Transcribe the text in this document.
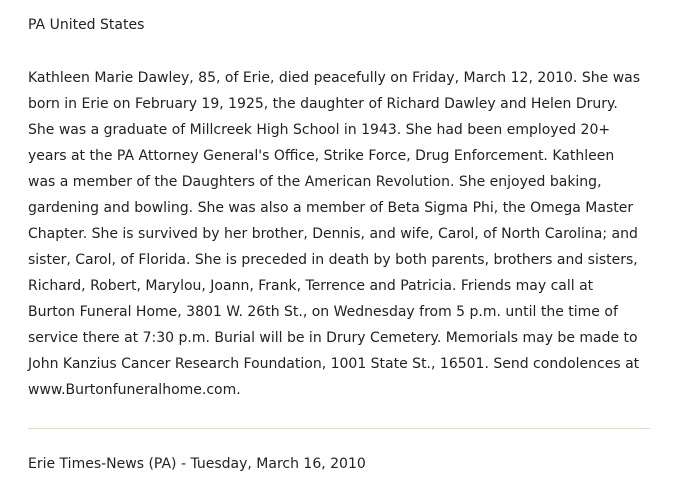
PA United States

Kathleen Marie Dawley, 85, of Erie, died peacefully on Friday, March 12, 2010. She was
born in Erie on February 19, 1925, the daughter of Richard Dawley and Helen Drury.
She was a graduate of Millcreek High School in 1943. She had been employed 20+
years at the PA Attorney General's Office, Strike Force, Drug Enforcement. Kathleen
was a member of the Daughters of the American Revolution. She enjoyed baking,
gardening and bowling. She was also a member of Beta Sigma Phi, the Omega Master
Chapter. She is survived by her brother, Dennis, and wife, Carol, of North Carolina; and
sister, Carol, of Florida. She is preceded in death by both parents, brothers and sisters,
Richard, Robert, Marylou, Joann, Frank, Terrence and Patricia. Friends may call at
Burton Funeral Home, 3801 W. 26th St., on Wednesday from 5 p.m. until the time of
service there at 7:30 p.m. Burial will be in Drury Cemetery. Memorials may be made to
John Kanzius Cancer Research Foundation, 1001 State St., 16501. Send condolences at
www.Burtonfuneralhome.com.

Erie Times-News (PA) - Tuesday, March 16, 2010
